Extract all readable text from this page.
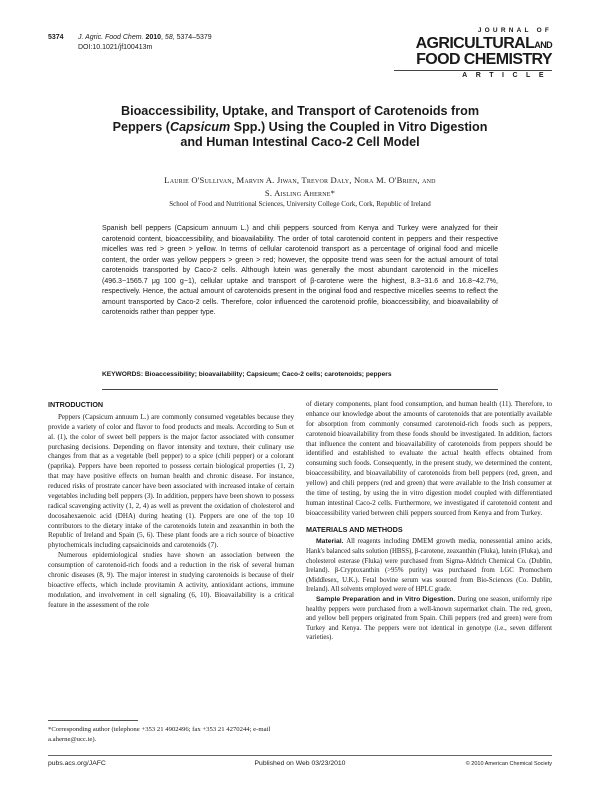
5374 J. Agric. Food Chem. 2010, 58, 5374–5379
DOI:10.1021/jf100413m
JOURNAL OF
AGRICULTURALAND
FOOD CHEMISTRY
ARTICLE
Bioaccessibility, Uptake, and Transport of Carotenoids from
Peppers (Capsicum Spp.) Using the Coupled in Vitro Digestion
and Human Intestinal Caco-2 Cell Model
Laurie O'Sullivan, Marvin A. Jiwan, Trevor Daly, Nora M. O'Brien, and
S. Aisling Aherne*
School of Food and Nutritional Sciences, University College Cork, Cork, Republic of Ireland
Spanish bell peppers (Capsicum annuum L.) and chili peppers sourced from Kenya and Turkey were analyzed for their carotenoid content, bioaccessibility, and bioavailability. The order of total carotenoid content in peppers and their respective micelles was red > green > yellow. In terms of cellular carotenoid transport as a percentage of original food and micelle content, the order was yellow peppers > green > red; however, the opposite trend was seen for the actual amount of total carotenoids transported by Caco-2 cells. Although lutein was generally the most abundant carotenoid in the micelles (496.3−1565.7 μg 100 g−1), cellular uptake and transport of β-carotene were the highest, 8.3−31.6 and 16.8−42.7%, respectively. Hence, the actual amount of carotenoids present in the original food and respective micelles seems to reflect the amount transported by Caco-2 cells. Therefore, color influenced the carotenoid profile, bioaccessibility, and bioavailability of carotenoids rather than pepper type.
KEYWORDS: Bioaccessibility; bioavailability; Capsicum; Caco-2 cells; carotenoids; peppers
INTRODUCTION

Peppers (Capsicum annuum L.) are commonly consumed vegetables because they provide a variety of color and flavor to food products and meals. According to Sun et al. (1), the color of sweet bell peppers is the major factor associated with consumer purchasing decisions. Depending on flavor intensity and texture, their culinary use changes from that as a vegetable (bell pepper) to a spice (chili pepper) or a colorant (paprika). Peppers have been reported to possess certain biological properties (1, 2) that may have positive effects on human health and chronic disease. For instance, reduced risks of prostrate cancer have been associated with increased intake of certain vegetables including bell peppers (3). In addition, peppers have been shown to possess radical scavenging activity (1, 2, 4) as well as prevent the oxidation of cholesterol and docosahexaenoic acid (DHA) during heating (1). Peppers are one of the top 10 contributors to the dietary intake of the carotenoids lutein and zeaxanthin in both the Republic of Ireland and Spain (5, 6). These plant foods are a rich source of bioactive phytochemicals including capsaicinoids and carotenoids (7).

Numerous epidemiological studies have shown an association between the consumption of carotenoid-rich foods and a reduction in the risk of several human chronic diseases (8, 9). The major interest in studying carotenoids is because of their bioactive effects, which include provitamin A activity, antioxidant actions, immune modulation, and involvement in cell signaling (6, 10). Bioavailability is a critical feature in the assessment of the role

of dietary components, plant food consumption, and human health (11). Therefore, to enhance our knowledge about the amounts of carotenoids that are potentially available for absorption from commonly consumed carotenoid-rich foods such as peppers, carotenoid bioavailability from these foods should be investigated. In addition, factors that influence the content and bioavailability of carotenoids from peppers should be identified and established to evaluate the actual health effects obtained from consuming such foods. Consequently, in the present study, we determined the content, bioaccessibility, and bioavailability of carotenoids from bell peppers (red, green, and yellow) and chili peppers (red and green) that were available to the Irish consumer at the time of testing, by using the in vitro digestion model coupled with differentiated human intestinal Caco-2 cells. Furthermore, we investigated if carotenoid content and bioaccessibility varied between chili peppers sourced from Kenya and from Turkey.

MATERIALS AND METHODS

Material. All reagents including DMEM growth media, nonessential amino acids, Hank's balanced salts solution (HBSS), β-carotene, zeaxanthin (Fluka), lutein (Fluka), and cholesterol esterase (Fluka) were purchased from Sigma-Aldrich Chemical Co. (Dublin, Ireland). β-Cryptoxanthin (>95% purity) was purchased from LGC Promochem (Middlesex, U.K.). Fetal bovine serum was sourced from Bio-Sciences (Co. Dublin, Ireland). All solvents employed were of HPLC grade.

Sample Preparation and in Vitro Digestion. During one season, uniformly ripe healthy peppers were purchased from a well-known supermarket chain. The red, green, and yellow bell peppers originated from Spain. Chili peppers (red and green) were from Turkey and Kenya. The peppers were not identical in genotype (i.e., seven different varieties).

*Corresponding author (telephone +353 21 4902496; fax +353 21 4270244; e-mail a.aherne@ucc.ie).
pubs.acs.org/JAFC	Published on Web 03/23/2010	© 2010 American Chemical Society
